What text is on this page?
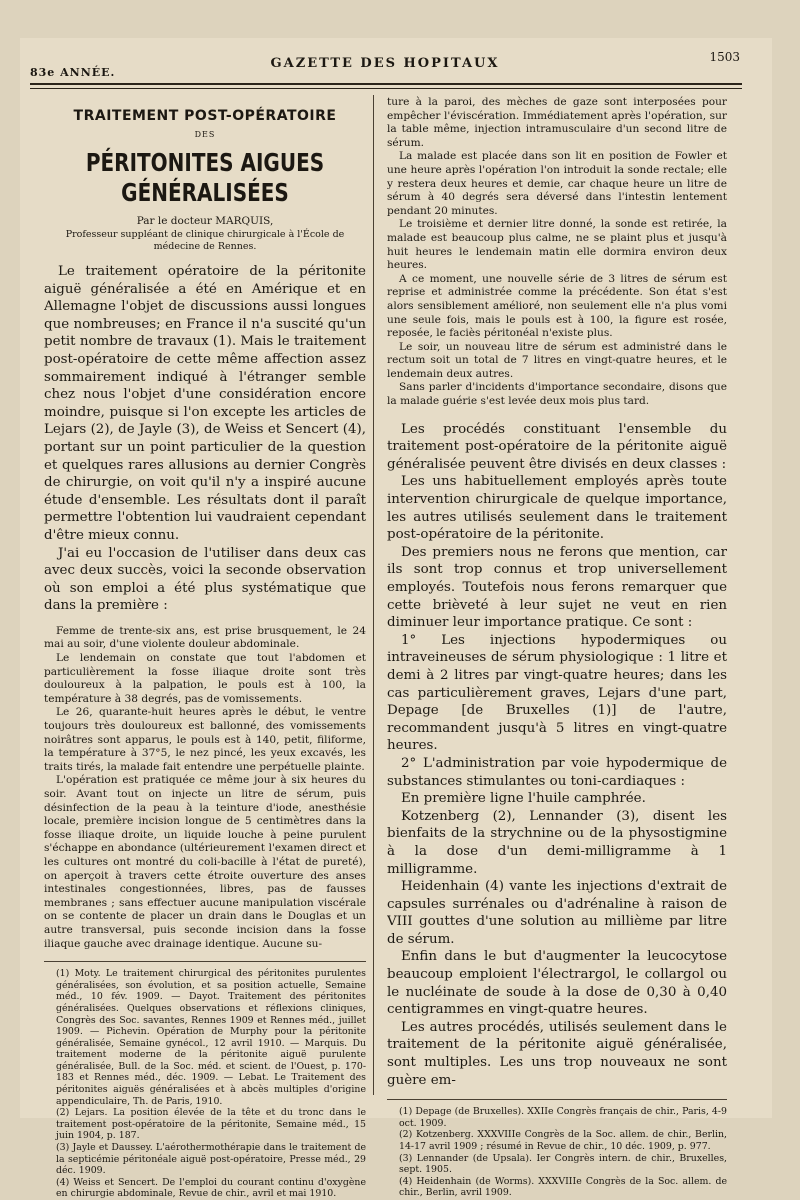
83e ANNÉE.
GAZETTE DES HOPITAUX	1503
TRAITEMENT POST-OPÉRATOIRE
DES
PÉRITONITES AIGUES GÉNÉRALISÉES
Par le docteur MARQUIS,
Professeur suppléant de clinique chirurgicale à l'École de médecine de Rennes.

Le traitement opératoire de la péritonite aiguë généralisée a été en Amérique et en Allemagne l'objet de discussions aussi longues que nombreuses; en France il n'a suscité qu'un petit nombre de travaux (1). Mais le traitement post-opératoire de cette même affection assez sommairement indiqué à l'étranger semble chez nous l'objet d'une considération encore moindre, puisque si l'on excepte les articles de Lejars (2), de Jayle (3), de Weiss et Sencert (4), portant sur un point particulier de la question et quelques rares allusions au dernier Congrès de chirurgie, on voit qu'il n'y a inspiré aucune étude d'ensemble. Les résultats dont il paraît permettre l'obtention lui vaudraient cependant d'être mieux connu.

J'ai eu l'occasion de l'utiliser dans deux cas avec deux succès, voici la seconde observation où son emploi a été plus systématique que dans la première :

Femme de trente-six ans, est prise brusquement, le 24 mai au soir, d'une violente douleur abdominale.

Le lendemain on constate que tout l'abdomen et particulièrement la fosse iliaque droite sont très douloureux à la palpation, le pouls est à 100, la température à 38 degrés, pas de vomissements.

Le 26, quarante-huit heures après le début, le ventre toujours très douloureux est ballonné, des vomissements noirâtres sont apparus, le pouls est à 140, petit, filiforme, la température à 37°5, le nez pincé, les yeux excavés, les traits tirés, la malade fait entendre une perpétuelle plainte.

L'opération est pratiquée ce même jour à six heures du soir. Avant tout on injecte un litre de sérum, puis désinfection de la peau à la teinture d'iode, anesthésie locale, première incision longue de 5 centimètres dans la fosse iliaque droite, un liquide louche à peine purulent s'échappe en abondance (ultérieurement l'examen direct et les cultures ont montré du coli-bacille à l'état de pureté), on aperçoit à travers cette étroite ouverture des anses intestinales congestionnées, libres, pas de fausses membranes ; sans effectuer aucune manipulation viscérale on se contente de placer un drain dans le Douglas et un autre transversal, puis seconde incision dans la fosse iliaque gauche avec drainage identique. Aucune su-

(1) Moty. Le traitement chirurgical des péritonites purulentes généralisées, son évolution, et sa position actuelle, Semaine méd., 10 fév. 1909. — Dayot. Traitement des péritonites généralisées. Quelques observations et réflexions cliniques, Congrès des Soc. savantes, Rennes 1909 et Rennes méd., juillet 1909. — Pichevin. Opération de Murphy pour la péritonite généralisée, Semaine gynécol., 12 avril 1910. — Marquis. Du traitement moderne de la péritonite aiguë purulente généralisée, Bull. de la Soc. méd. et scient. de l'Ouest, p. 170-183 et Rennes méd., déc. 1909. — Lebat. Le Traitement des péritonites aiguës généralisées et à abcès multiples d'origine appendiculaire, Th. de Paris, 1910.

(2) Lejars. La position élevée de la tête et du tronc dans le traitement post-opératoire de la péritonite, Semaine méd., 15 juin 1904, p. 187.

(3) Jayle et Daussey. L'aérothermothérapie dans le traitement de la septicémie péritonéale aiguë post-opératoire, Presse méd., 29 déc. 1909.

(4) Weiss et Sencert. De l'emploi du courant continu d'oxygène en chirurgie abdominale, Revue de chir., avril et mai 1910.

ture à la paroi, des mèches de gaze sont interposées pour empêcher l'éviscération. Immédiatement après l'opération, sur la table même, injection intramusculaire d'un second litre de sérum.

La malade est placée dans son lit en position de Fowler et une heure après l'opération l'on introduit la sonde rectale; elle y restera deux heures et demie, car chaque heure un litre de sérum à 40 degrés sera déversé dans l'intestin lentement pendant 20 minutes.

Le troisième et dernier litre donné, la sonde est retirée, la malade est beaucoup plus calme, ne se plaint plus et jusqu'à huit heures le lendemain matin elle dormira environ deux heures.

A ce moment, une nouvelle série de 3 litres de sérum est reprise et administrée comme la précédente. Son état s'est alors sensiblement amélioré, non seulement elle n'a plus vomi une seule fois, mais le pouls est à 100, la figure est rosée, reposée, le faciès péritonéal n'existe plus.

Le soir, un nouveau litre de sérum est administré dans le rectum soit un total de 7 litres en vingt-quatre heures, et le lendemain deux autres.

Sans parler d'incidents d'importance secondaire, disons que la malade guérie s'est levée deux mois plus tard.

Les procédés constituant l'ensemble du traitement post-opératoire de la péritonite aiguë généralisée peuvent être divisés en deux classes :

Les uns habituellement employés après toute intervention chirurgicale de quelque importance, les autres utilisés seulement dans le traitement post-opératoire de la péritonite.

Des premiers nous ne ferons que mention, car ils sont trop connus et trop universellement employés. Toutefois nous ferons remarquer que cette brièveté à leur sujet ne veut en rien diminuer leur importance pratique. Ce sont :

1° Les injections hypodermiques ou intraveineuses de sérum physiologique : 1 litre et demi à 2 litres par vingt-quatre heures; dans les cas particulièrement graves, Lejars d'une part, Depage [de Bruxelles (1)] de l'autre, recommandent jusqu'à 5 litres en vingt-quatre heures.

2° L'administration par voie hypodermique de substances stimulantes ou toni-cardiaques :

En première ligne l'huile camphrée.

Kotzenberg (2), Lennander (3), disent les bienfaits de la strychnine ou de la physostigmine à la dose d'un demi-milligramme à 1 milligramme.

Heidenhain (4) vante les injections d'extrait de capsules surrénales ou d'adrénaline à raison de VIII gouttes d'une solution au millième par litre de sérum.

Enfin dans le but d'augmenter la leucocytose beaucoup emploient l'électrargol, le collargol ou le nucléinate de soude à la dose de 0,30 à 0,40 centigrammes en vingt-quatre heures.

Les autres procédés, utilisés seulement dans le traitement de la péritonite aiguë généralisée, sont multiples. Les uns trop nouveaux ne sont guère em-

(1) Depage (de Bruxelles). XXIIe Congrès français de chir., Paris, 4-9 oct. 1909.

(2) Kotzenberg. XXXVIIIe Congrès de la Soc. allem. de chir., Berlin, 14-17 avril 1909 ; résumé in Revue de chir., 10 déc. 1909, p. 977.

(3) Lennander (de Upsala). Ier Congrès intern. de chir., Bruxelles, sept. 1905.

(4) Heidenhain (de Worms). XXXVIIIe Congrès de la Soc. allem. de chir., Berlin, avril 1909.
